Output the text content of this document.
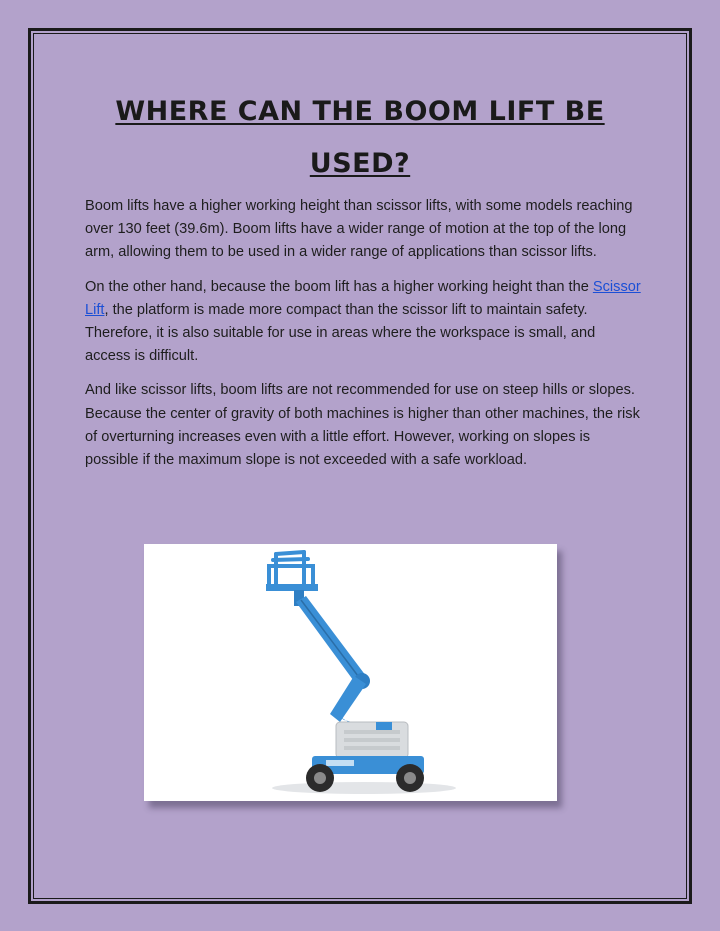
WHERE CAN THE BOOM LIFT BE USED?

Boom lifts have a higher working height than scissor lifts, with some models reaching over 130 feet (39.6m). Boom lifts have a wider range of motion at the top of the long arm, allowing them to be used in a wider range of applications than scissor lifts.

On the other hand, because the boom lift has a higher working height than the Scissor Lift, the platform is made more compact than the scissor lift to maintain safety. Therefore, it is also suitable for use in areas where the workspace is small, and access is difficult.

And like scissor lifts, boom lifts are not recommended for use on steep hills or slopes. Because the center of gravity of both machines is higher than other machines, the risk of overturning increases even with a little effort. However, working on slopes is possible if the maximum slope is not exceeded with a safe workload.
